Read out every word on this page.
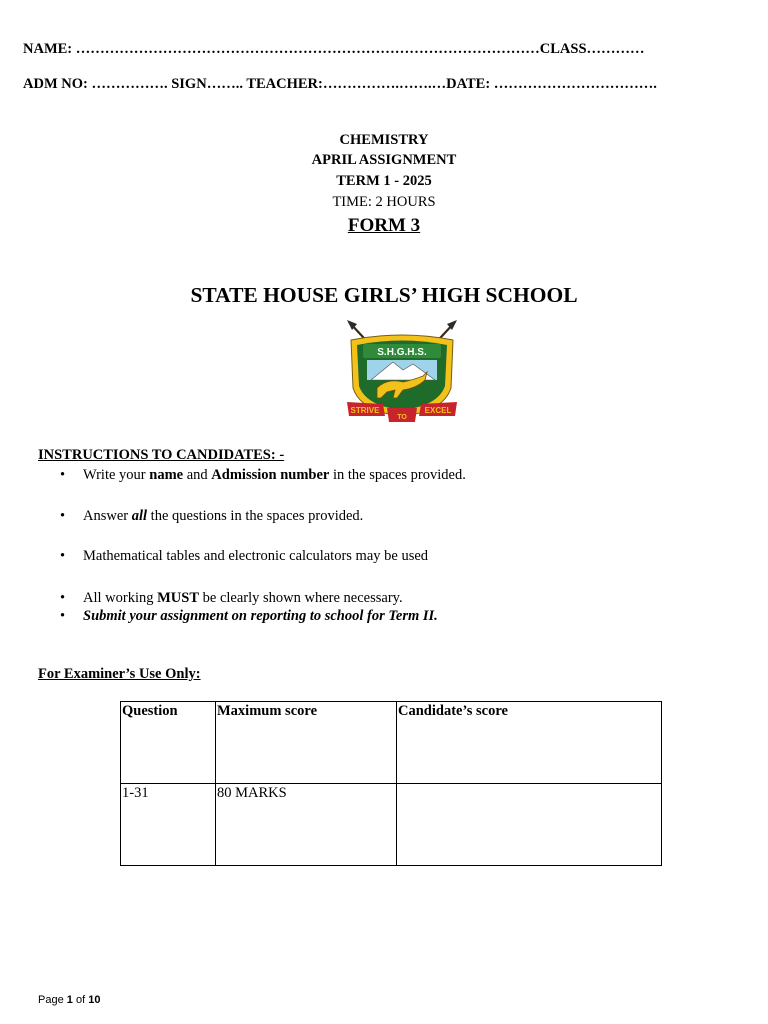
NAME: ……………………………………………………………………………………CLASS…………
ADM NO: ……………. SIGN…….. TEACHER:…………….…….…DATE: …………………………….
CHEMISTRY
APRIL ASSIGNMENT
TERM 1 - 2025
TIME: 2 HOURS
FORM 3
STATE HOUSE GIRLS’ HIGH SCHOOL
S.H.G.H.S.
STRIVE
TO
EXCEL
INSTRUCTIONS TO CANDIDATES: -
• Write your name and Admission number in the spaces provided.
• Answer all the questions in the spaces provided.
• Mathematical tables and electronic calculators may be used
• All working MUST be clearly shown where necessary.
• Submit your assignment on reporting to school for Term II.
For Examiner’s Use Only:
Question	Maximum score	Candidate’s score
1-31	80 MARKS	
Page 1 of 10
